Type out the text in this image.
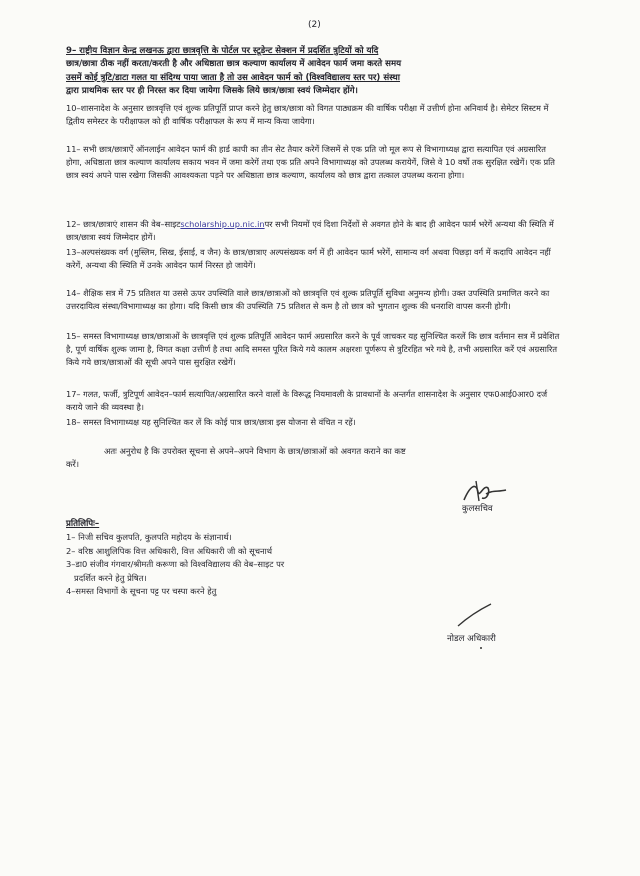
(2)

9– राष्ट्रीय विज्ञान केन्द्र लखनऊ द्वारा छात्रवृत्ति के पोर्टल पर स्टूडेन्ट सेक्शन में प्रदर्शित त्रुटियों को यदि
छात्र/छात्रा ठीक नहीं करता/करती है और अधिष्ठाता छात्र कल्याण कार्यालय में आवेदन फार्म जमा करते समय
उसमें कोई त्रुटि/डाटा गलत या संदिग्ध पाया जाता है तो उस आवेदन फार्म को (विश्वविद्यालय स्तर पर) संस्था
द्वारा प्राथमिक स्तर पर ही निरस्त कर दिया जायेगा जिसके लिये छात्र/छात्रा स्वयं जिम्मेदार होंगे।

10–शासनादेश के अनुसार छात्रवृत्ति एवं शुल्क प्रतिपूर्ति प्राप्त करने हेतु छात्र/छात्रा को विगत पाठ्यक्रम की वार्षिक परीक्षा में उत्तीर्ण होना अनिवार्य है। सेमेटर सिस्टम में द्वितीय समेस्टर के परीक्षाफल को ही वार्षिक परीक्षाफल के रूप में मान्य किया जायेगा।

11– सभी छात्र/छात्राऐं ऑनलाईन आवेदन फार्म की हार्ड कापी का तीन सेट तैयार करेगें जिसमें से एक प्रति जो मूल रूप से विभागाध्यक्ष द्वारा सत्यापित एवं अग्रसारित होगा, अधिष्ठाता छात्र कल्याण कार्यालय सकाय भवन में जमा करेगें तथा एक प्रति अपने विभागाध्यक्ष को उपलब्ध करायेगें, जिसे वे 10 वर्षो तक सुरक्षित रखेगें। एक प्रति छात्र स्वयं अपने पास रखेगा जिसकी आवश्यकता पड़ने पर अधिष्ठाता छात्र कल्याण, कार्यालय को छात्र द्वारा तत्काल उपलब्ध कराना होगा।

12– छात्र/छात्राएं शासन की वेब–साइटscholarship.up.nic.inपर सभी नियमों एवं दिशा निर्देशों से अवगत होने के बाद ही आवेदन फार्म भरेगें अन्यथा की स्थिति में छात्र/छात्रा स्वयं जिम्मेदार होगें।

13–अल्पसंख्यक वर्ग (मुस्लिम, सिख, ईसाई, व जैन) के छात्र/छात्राए अल्पसंख्यक वर्ग में ही आवेदन फार्म भरेगें, सामान्य वर्ग अथवा पिछड़ा वर्ग में कदापि आवेदन नहीं करेगें, अन्यथा की स्थिति में उनके आवेदन फार्म निरस्त हो जायेगें।

14– शैक्षिक सत्र में 75 प्रतिशत या उससे ऊपर उपस्थिति वाले छात्र/छात्राओं को छात्रवृत्ति एवं शुल्क प्रतिपूर्ति सुविधा अनुमन्य होगी। उक्त उपस्थिति प्रमाणित करने का उत्तरदायित्व संस्था/विभागाध्यक्ष का होगा। यदि किसी छात्र की उपस्थिति 75 प्रतिशत से कम है तो छात्र को भुगतान शुल्क की धनराशि वापस करनी होगी।

15– समस्त विभागाध्यक्ष छात्र/छात्राओं के छात्रवृत्ति एवं शुल्क प्रतिपूर्ति आवेदन फार्म अग्रसारित करने के पूर्व जाचकर यह सुनिश्चित करलें कि छात्र वर्तमान सत्र में प्रवेशित है, पूर्ण वार्षिक शुल्क जामा है, विगत कक्षा उत्तीर्ण है तथा आदि समस्त पूरित किये गये कालम अक्षरशः पूर्णरूप से त्रुटिरहित भरे गये है, तभी अग्रसारित करें एवं अग्रसारित किये गये छात्र/छात्राओं की सूची अपने पास सुरक्षित रखेगें।

17– गलत, फर्जी, त्रुटिपूर्ण आवेदन–फार्म सत्यापित/अग्रसारित करने वालों के विरूद्ध नियमावली के प्रावधानों के अन्तर्गत शासनादेश के अनुसार एफ0आई0आर0 दर्ज कराये जाने की व्यवस्था है।

18– समस्त विभागाध्यक्ष यह सुनिश्चित कर लें कि कोई पात्र छात्र/छात्रा इस योजना से वंचित न रहें।

अतः अनुरोध है कि उपरोक्त सूचना से अपने–अपने विभाग के छात्र/छात्राओं को अवगत कराने का कष्ट
करें।

कुलसचिव
प्रतिलिपिः–
1– निजी सचिव कुलपति, कुलपति महोदय के संज्ञानार्थ।
2– वरिष्ठ आशुलिपिक वित्त अधिकारी, वित्त अधिकारी जी को सूचनार्थ
3–डा0 संजीव गंगवार/श्रीमती करूणा को विश्वविद्यालय की वेब–साइट पर
प्रदर्शित करने हेतु प्रेषित।
4–समस्त विभागों के सूचना पट्ट पर चस्पा करने हेतु
नोडल अधिकारी
